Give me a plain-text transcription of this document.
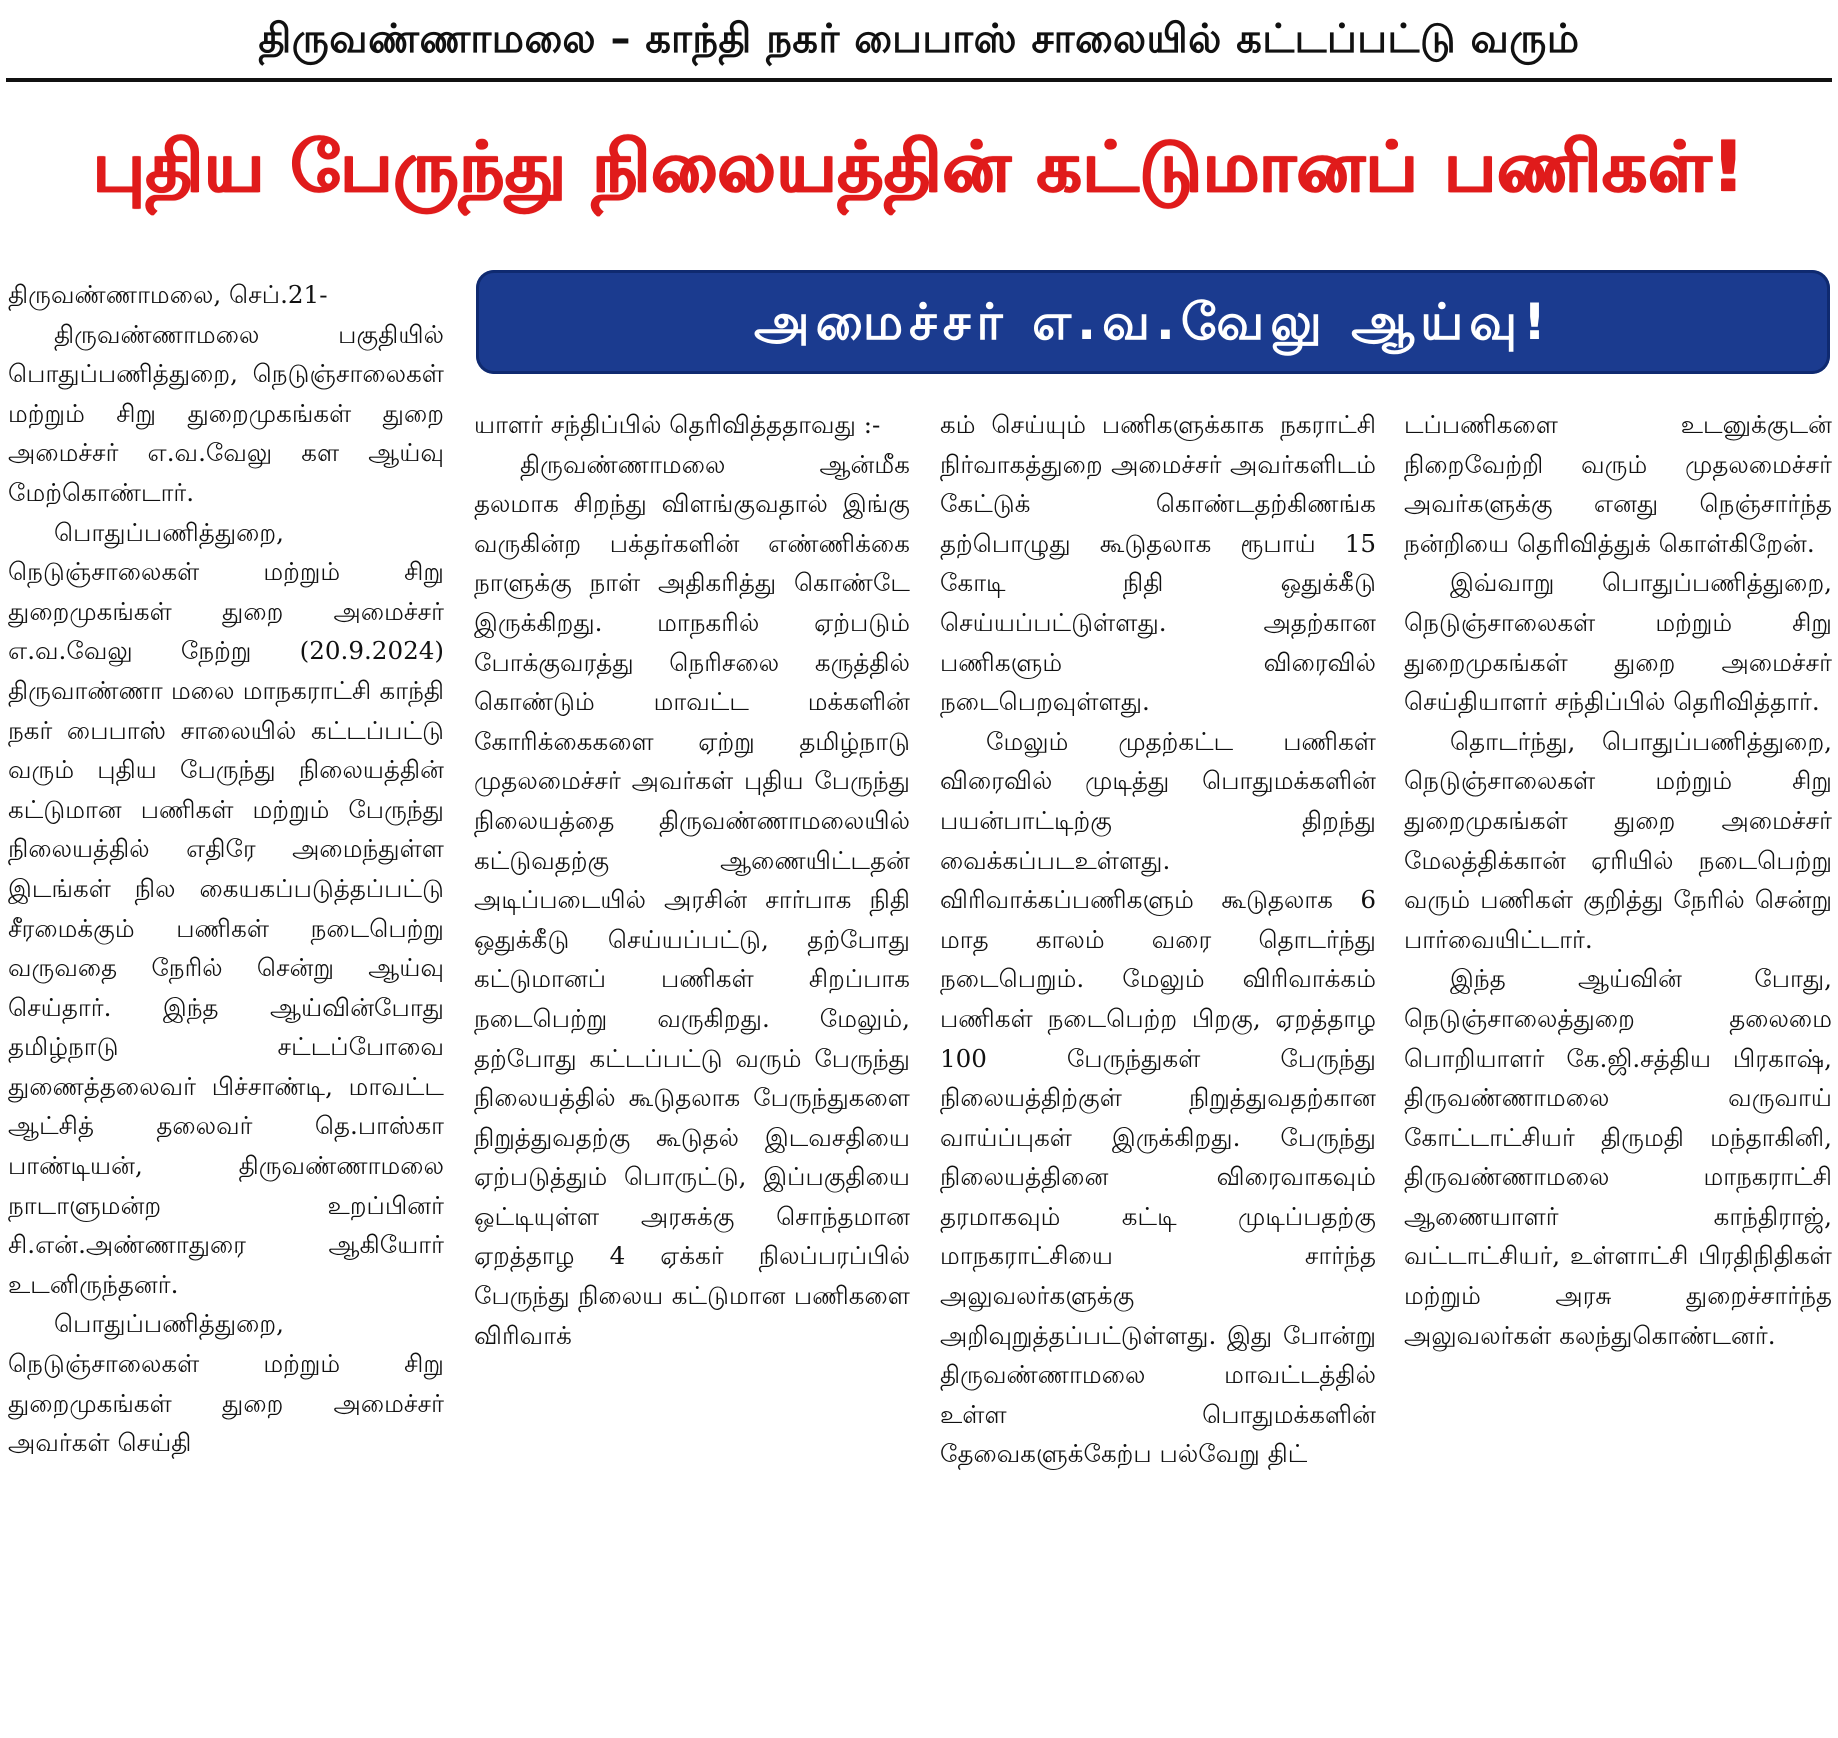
திருவண்ணாமலை – காந்தி நகர் பைபாஸ் சாலையில் கட்டப்பட்டு வரும்
புதிய பேருந்து நிலையத்தின் கட்டுமானப் பணிகள்!
அமைச்சர் எ.வ.வேலு ஆய்வு!

திருவண்ணாமலை, செப்.21-

திருவண்ணாமலை பகுதியில் பொதுப்பணித்துறை, நெடுஞ்சாலைகள் மற்றும் சிறு துறைமுகங்கள் துறை அமைச்சர் எ.வ.வேலு கள ஆய்வு மேற்கொண்டார்.

பொதுப்பணித்துறை, நெடுஞ்சாலைகள் மற்றும் சிறு துறைமுகங்கள் துறை அமைச்சர் எ.வ.வேலு நேற்று (20.9.2024) திருவாண்ணா மலை மாநகராட்சி காந்தி நகர் பைபாஸ் சாலையில் கட்டப்பட்டு வரும் புதிய பேருந்து நிலையத்தின் கட்டுமான பணிகள் மற்றும் பேருந்து நிலையத்தில் எதிரே அமைந்துள்ள இடங்கள் நில கையகப்படுத்தப்பட்டு சீரமைக்கும் பணிகள் நடைபெற்று வருவதை நேரில் சென்று ஆய்வு செய்தார். இந்த ஆய்வின்போது தமிழ்நாடு சட்டப்போவை துணைத்தலைவர் பிச்சாண்டி, மாவட்ட ஆட்சித் தலைவர் தெ.பாஸ்கா பாண்டியன், திருவண்ணாமலை நாடாளுமன்ற உறப்பினர் சி.என்.அண்ணாதுரை ஆகியோர் உடனிருந்தனர்.

பொதுப்பணித்துறை, நெடுஞ்சாலைகள் மற்றும் சிறு துறைமுகங்கள் துறை அமைச்சர் அவர்கள் செய்தி

யாளர் சந்திப்பில் தெரிவித்ததாவது :-

திருவண்ணாமலை ஆன்மீக தலமாக சிறந்து விளங்குவதால் இங்கு வருகின்ற பக்தர்களின் எண்ணிக்கை நாளுக்கு நாள் அதிகரித்து கொண்டே இருக்கிறது. மாநகரில் ஏற்படும் போக்குவரத்து நெரிசலை கருத்தில் கொண்டும் மாவட்ட மக்களின் கோரிக்கைகளை ஏற்று தமிழ்நாடு முதலமைச்சர் அவர்கள் புதிய பேருந்து நிலையத்தை திருவண்ணாமலையில் கட்டுவதற்கு ஆணையிட்டதன் அடிப்படையில் அரசின் சார்பாக நிதி ஒதுக்கீடு செய்யப்பட்டு, தற்போது கட்டுமானப் பணிகள் சிறப்பாக நடைபெற்று வருகிறது. மேலும், தற்போது கட்டப்பட்டு வரும் பேருந்து நிலையத்தில் கூடுதலாக பேருந்துகளை நிறுத்துவதற்கு கூடுதல் இடவசதியை ஏற்படுத்தும் பொருட்டு, இப்பகுதியை ஒட்டியுள்ள அரசுக்கு சொந்தமான ஏறத்தாழ 4 ஏக்கர் நிலப்பரப்பில் பேருந்து நிலைய கட்டுமான பணிகளை விரிவாக்

கம் செய்யும் பணிகளுக்காக நகராட்சி நிர்வாகத்துறை அமைச்சர் அவர்களிடம் கேட்டுக் கொண்டதற்கிணங்க தற்பொழுது கூடுதலாக ரூபாய் 15 கோடி நிதி ஒதுக்கீடு செய்யப்பட்டுள்ளது. அதற்கான பணிகளும் விரைவில் நடைபெறவுள்ளது.

மேலும் முதற்கட்ட பணிகள் விரைவில் முடித்து பொதுமக்களின் பயன்பாட்டிற்கு திறந்து வைக்கப்படஉள்ளது. விரிவாக்கப்பணிகளும் கூடுதலாக 6 மாத காலம் வரை தொடர்ந்து நடைபெறும். மேலும் விரிவாக்கம் பணிகள் நடைபெற்ற பிறகு, ஏறத்தாழ 100 பேருந்துகள் பேருந்து நிலையத்திற்குள் நிறுத்துவதற்கான வாய்ப்புகள் இருக்கிறது. பேருந்து நிலையத்தினை விரைவாகவும் தரமாகவும் கட்டி முடிப்பதற்கு மாநகராட்சியை சார்ந்த அலுவலர்களுக்கு அறிவுறுத்தப்பட்டுள்ளது. இது போன்று திருவண்ணாமலை மாவட்டத்தில் உள்ள பொதுமக்களின் தேவைகளுக்கேற்ப பல்வேறு திட்

டப்பணிகளை உடனுக்குடன் நிறைவேற்றி வரும் முதலமைச்சர் அவர்களுக்கு எனது நெஞ்சார்ந்த நன்றியை தெரிவித்துக் கொள்கிறேன்.

இவ்வாறு பொதுப்பணித்துறை, நெடுஞ்சாலைகள் மற்றும் சிறு துறைமுகங்கள் துறை அமைச்சர் செய்தியாளர் சந்திப்பில் தெரிவித்தார்.

தொடர்ந்து, பொதுப்பணித்துறை, நெடுஞ்சாலைகள் மற்றும் சிறு துறைமுகங்கள் துறை அமைச்சர் மேலத்திக்கான் ஏரியில் நடைபெற்று வரும் பணிகள் குறித்து நேரில் சென்று பார்வையிட்டார்.

இந்த ஆய்வின் போது, நெடுஞ்சாலைத்துறை தலைமை பொறியாளர் கே.ஜி.சத்திய பிரகாஷ், திருவண்ணாமலை வருவாய் கோட்டாட்சியர் திருமதி மந்தாகினி, திருவண்ணாமலை மாநகராட்சி ஆணையாளர் காந்திராஜ், வட்டாட்சியர், உள்ளாட்சி பிரதிநிதிகள் மற்றும் அரசு துறைச்சார்ந்த அலுவலர்கள் கலந்துகொண்டனர்.
